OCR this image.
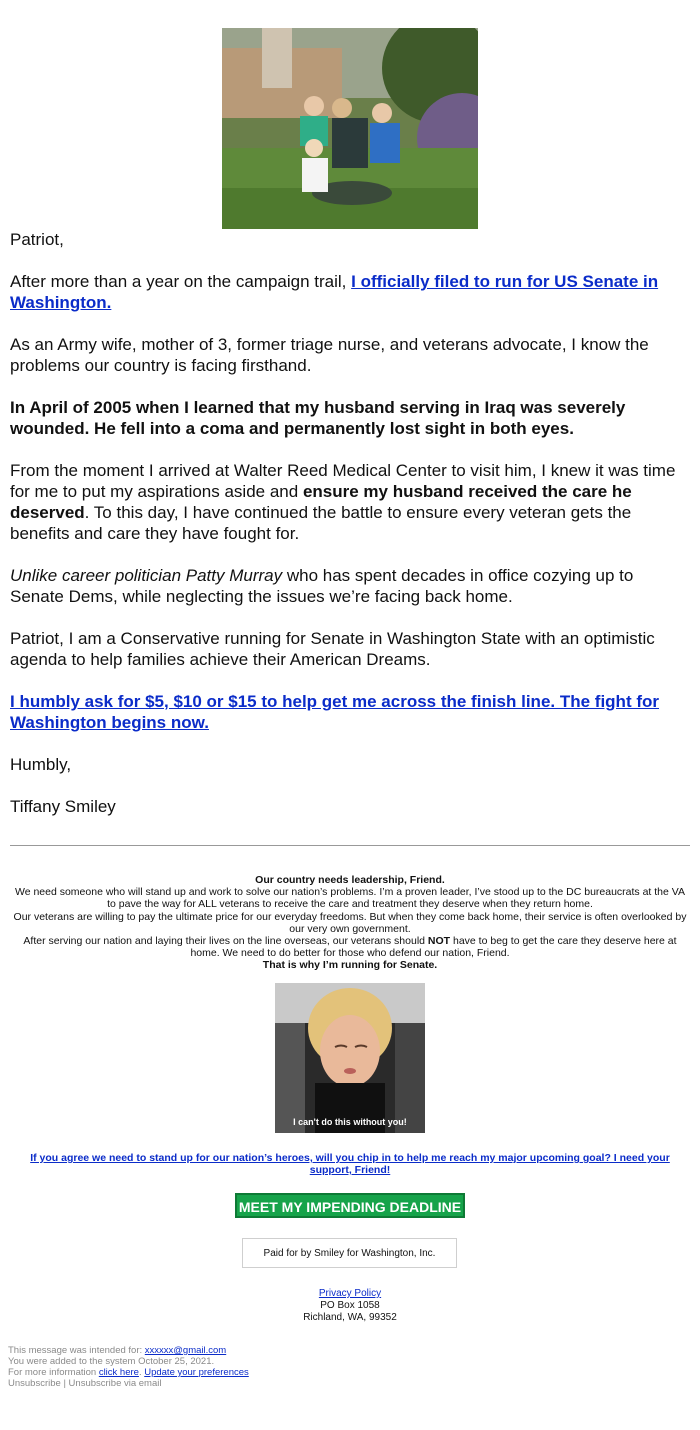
Patriot,

After more than a year on the campaign trail, I officially filed to run for US Senate in Washington.

As an Army wife, mother of 3, former triage nurse, and veterans advocate, I know the problems our country is facing firsthand.

In April of 2005 when I learned that my husband serving in Iraq was severely wounded. He fell into a coma and permanently lost sight in both eyes.

From the moment I arrived at Walter Reed Medical Center to visit him, I knew it was time for me to put my aspirations aside and ensure my husband received the care he deserved. To this day, I have continued the battle to ensure every veteran gets the benefits and care they have fought for.

Unlike career politician Patty Murray who has spent decades in office cozying up to Senate Dems, while neglecting the issues we’re facing back home.

Patriot, I am a Conservative running for Senate in Washington State with an optimistic agenda to help families achieve their American Dreams.

I humbly ask for $5, $10 or $15 to help get me across the finish line. The fight for Washington begins now.

Humbly,

Tiffany Smiley

Our country needs leadership, Friend.
We need someone who will stand up and work to solve our nation’s problems. I’m a proven leader, I’ve stood up to the DC bureaucrats at the VA to pave the way for ALL veterans to receive the care and treatment they deserve when they return home.
Our veterans are willing to pay the ultimate price for our everyday freedoms. But when they come back home, their service is often overlooked by our very own government.
After serving our nation and laying their lives on the line overseas, our veterans should NOT have to beg to get the care they deserve here at home. We need to do better for those who defend our nation, Friend.
That is why I’m running for Senate.
I can't do this without you!
If you agree we need to stand up for our nation’s heroes, will you chip in to help me reach my major upcoming goal? I need your support, Friend!
MEET MY IMPENDING DEADLINE
Paid for by Smiley for Washington, Inc.
Privacy Policy
PO Box 1058
Richland, WA, 99352
This message was intended for: xxxxxx@gmail.com
You were added to the system October 25, 2021.
For more information click here. Update your preferences
Unsubscribe | Unsubscribe via email
